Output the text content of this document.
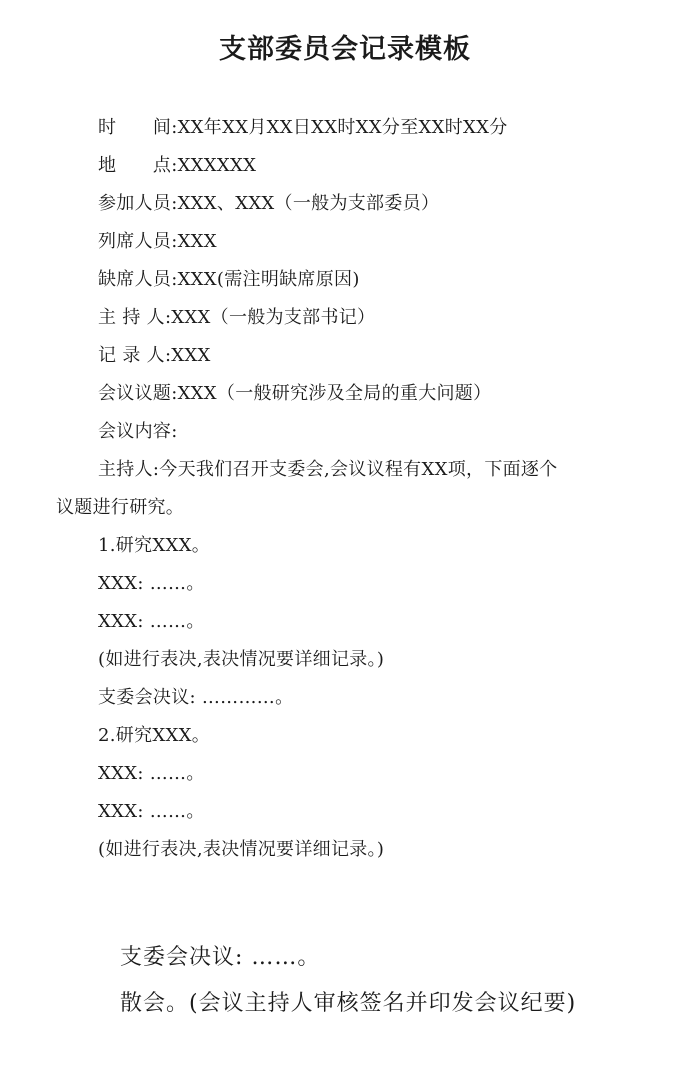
支部委员会记录模板
时　　间:XX年XX月XX日XX时XX分至XX时XX分
地　　点:XXXXXX
参加人员:XXX、XXX（一般为支部委员）
列席人员:XXX
缺席人员:XXX(需注明缺席原因)
主 持 人:XXX（一般为支部书记）
记 录 人:XXX
会议议题:XXX（一般研究涉及全局的重大问题）
会议内容:
主持人:今天我们召开支委会,会议议程有XX项，下面逐个
议题进行研究。
1.研究XXX。
XXX: ……。
XXX: ……。
(如进行表决,表决情况要详细记录。)
支委会决议: …………。
2.研究XXX。
XXX: ……。
XXX: ……。
(如进行表决,表决情况要详细记录。)
支委会决议: ……。
散会。(会议主持人审核签名并印发会议纪要)
